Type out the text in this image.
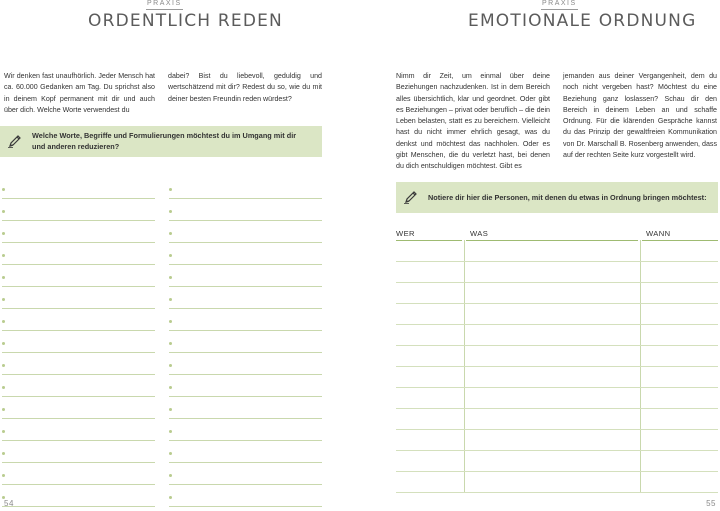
PRAXIS
ORDENTLICH REDEN

Wir denken fast unaufhörlich. Jeder Mensch hat ca. 60.000 Gedanken am Tag. Du sprichst also in deinem Kopf permanent mit dir und auch über dich. Welche Worte verwendest du

dabei? Bist du liebevoll, geduldig und wertschätzend mit dir? Redest du so, wie du mit deiner besten Freundin reden würdest?

Welche Worte, Begriffe und Formulierungen möchtest du im Umgang mit dir und anderen reduzieren?
54
PRAXIS
EMOTIONALE ORDNUNG

Nimm dir Zeit, um einmal über deine Beziehungen nachzudenken. Ist in dem Bereich alles übersichtlich, klar und geordnet. Oder gibt es Beziehungen – privat oder beruflich – die dein Leben belasten, statt es zu bereichern. Vielleicht hast du nicht immer ehrlich gesagt, was du denkst und möchtest das nachholen. Oder es gibt Menschen, die du verletzt hast, bei denen du dich entschuldigen möchtest. Gibt es

jemanden aus deiner Vergangenheit, dem du noch nicht vergeben hast? Möchtest du eine Beziehung ganz loslassen? Schau dir den Bereich in deinem Leben an und schaffe Ordnung. Für die klärenden Gespräche kannst du das Prinzip der gewaltfreien Kommunikation von Dr. Marschall B. Rosenberg anwenden, dass auf der rechten Seite kurz vorgestellt wird.

Notiere dir hier die Personen, mit denen du etwas in Ordnung bringen möchtest:
WER	WAS	WANN
55
